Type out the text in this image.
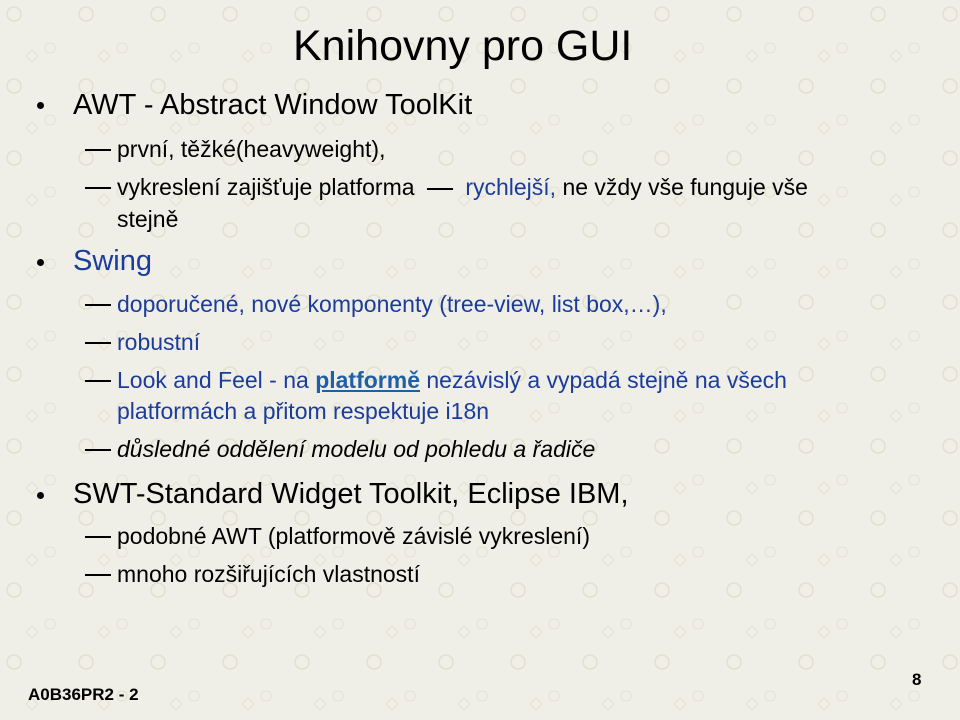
Knihovny pro GUI
AWT - Abstract Window ToolKit
první, těžké(heavyweight),
vykreslení zajišťuje platforma rychlejší, ne vždy vše funguje vše
stejně
Swing
doporučené, nové komponenty (tree-view, list box,…),
robustní
Look and Feel - na platformě nezávislý a vypadá stejně na všech
platformách a přitom respektuje i18n
důsledné oddělení modelu od pohledu a řadiče
SWT-Standard Widget Toolkit, Eclipse IBM,
podobné AWT (platformově závislé vykreslení)
mnoho rozšiřujících vlastností
A0B36PR2 - 2
8
